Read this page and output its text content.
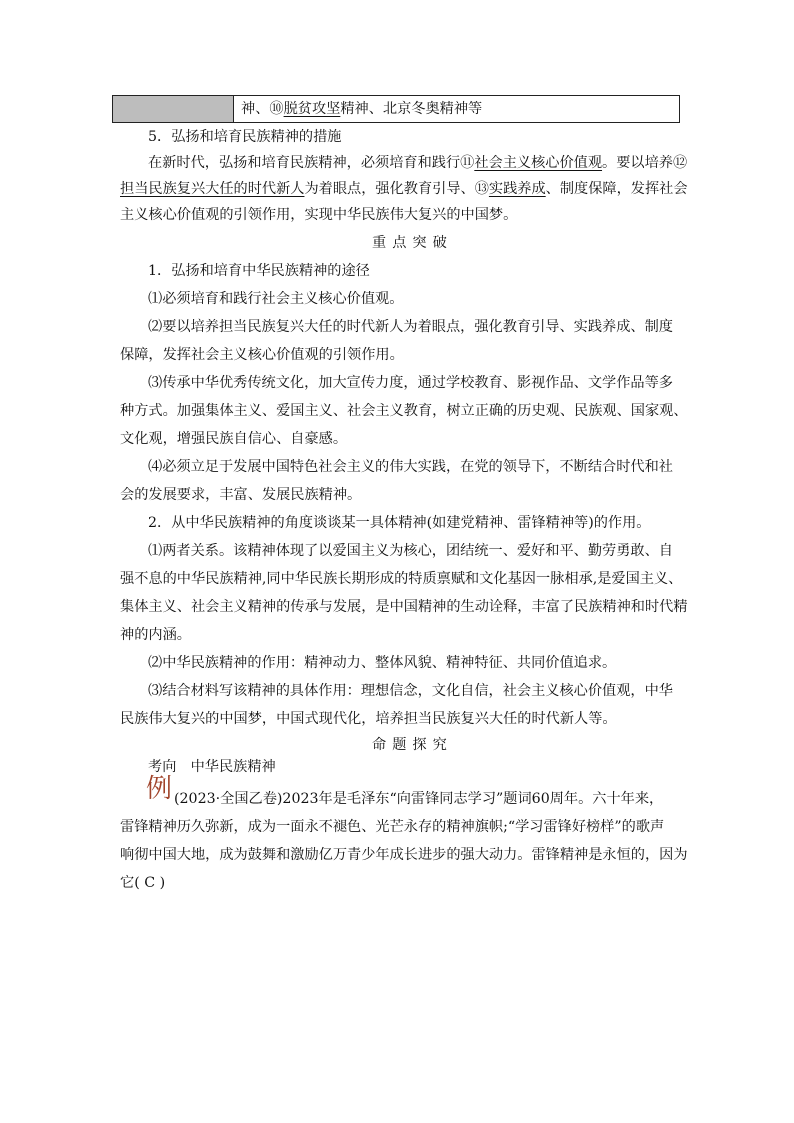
神、⑩脱贫攻坚精神、北京冬奥精神等
5．弘扬和培育民族精神的措施
在新时代，弘扬和培育民族精神，必须培育和践行⑪社会主义核心价值观。要以培养⑫
担当民族复兴大任的时代新人为着眼点，强化教育引导、⑬实践养成、制度保障，发挥社会
主义核心价值观的引领作用，实现中华民族伟大复兴的中国梦。
重点突破
1．弘扬和培育中华民族精神的途径
⑴必须培育和践行社会主义核心价值观。
⑵要以培养担当民族复兴大任的时代新人为着眼点，强化教育引导、实践养成、制度
保障，发挥社会主义核心价值观的引领作用。
⑶传承中华优秀传统文化，加大宣传力度，通过学校教育、影视作品、文学作品等多
种方式。加强集体主义、爱国主义、社会主义教育，树立正确的历史观、民族观、国家观、
文化观，增强民族自信心、自豪感。
⑷必须立足于发展中国特色社会主义的伟大实践，在党的领导下，不断结合时代和社
会的发展要求，丰富、发展民族精神。
2．从中华民族精神的角度谈谈某一具体精神(如建党精神、雷锋精神等)的作用。
⑴两者关系。该精神体现了以爱国主义为核心，团结统一、爱好和平、勤劳勇敢、自
强不息的中华民族精神,同中华民族长期形成的特质禀赋和文化基因一脉相承,是爱国主义、
集体主义、社会主义精神的传承与发展，是中国精神的生动诠释，丰富了民族精神和时代精
神的内涵。
⑵中华民族精神的作用：精神动力、整体风貌、精神特征、共同价值追求。
⑶结合材料写该精神的具体作用：理想信念，文化自信，社会主义核心价值观，中华
民族伟大复兴的中国梦，中国式现代化，培养担当民族复兴大任的时代新人等。
命题探究
考向　中华民族精神
例 (2023·全国乙卷)2023年是毛泽东“向雷锋同志学习”题词60周年。六十年来，
雷锋精神历久弥新，成为一面永不褪色、光芒永存的精神旗帜;“学习雷锋好榜样”的歌声
响彻中国大地，成为鼓舞和激励亿万青少年成长进步的强大动力。雷锋精神是永恒的，因为
它( C )
